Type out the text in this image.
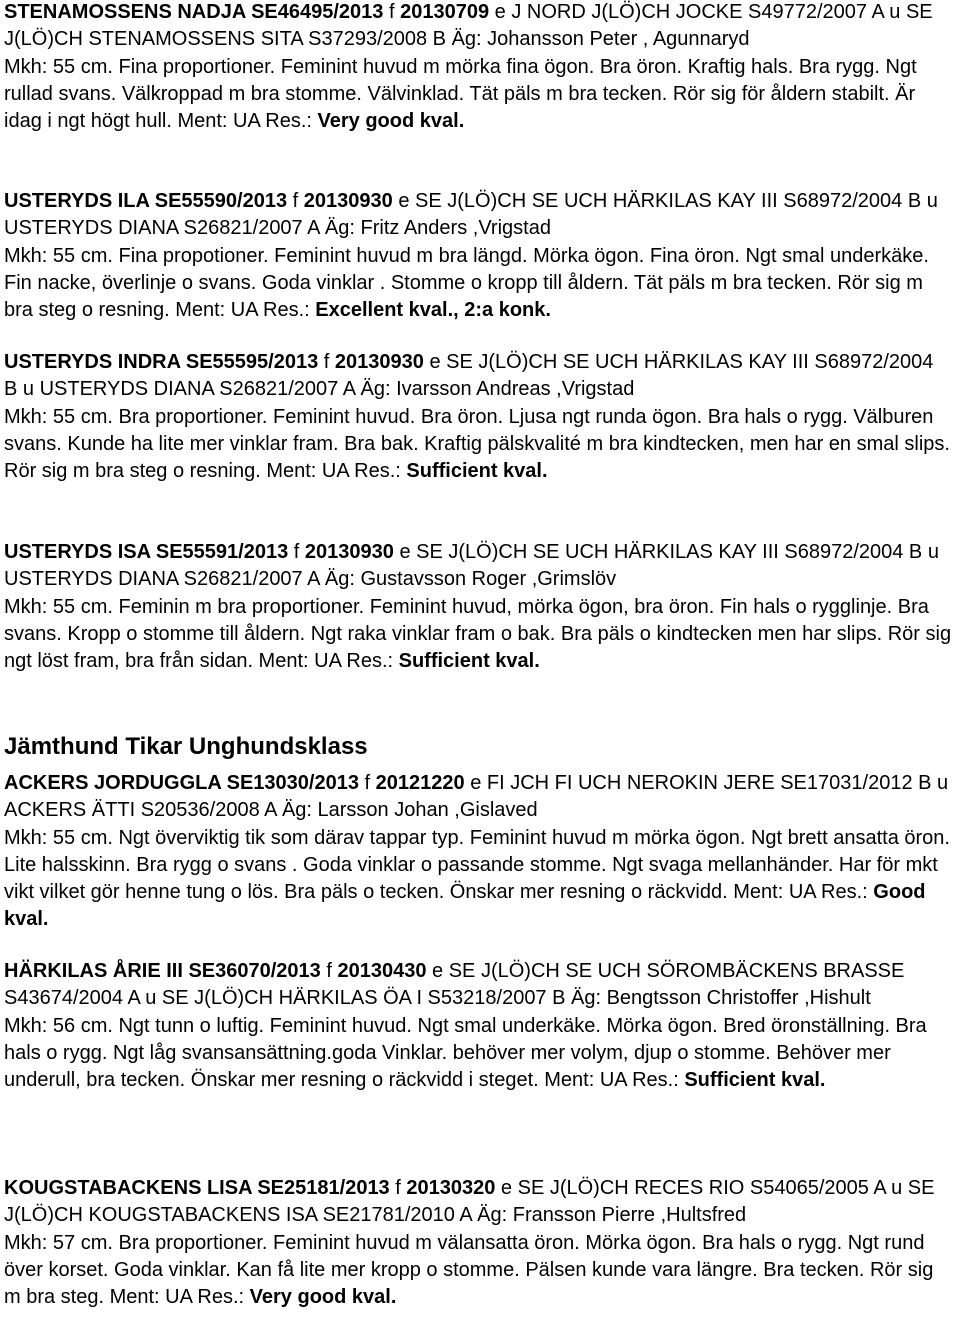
STENAMOSSENS NADJA SE46495/2013 f 20130709 e J NORD J(LÖ)CH JOCKE S49772/2007 A u SE J(LÖ)CH STENAMOSSENS SITA S37293/2008 B Äg: Johansson Peter , Agunnaryd
Mkh: 55 cm. Fina proportioner. Feminint huvud m mörka fina ögon. Bra öron. Kraftig hals. Bra rygg. Ngt rullad svans. Välkroppad m bra stomme. Välvinklad. Tät päls m bra tecken. Rör sig för åldern stabilt. Är idag i ngt högt hull. Ment: UA Res.: Very good kval.

USTERYDS ILA SE55590/2013 f 20130930 e SE J(LÖ)CH SE UCH HÄRKILAS KAY III S68972/2004 B u USTERYDS DIANA S26821/2007 A Äg: Fritz Anders ,Vrigstad
Mkh: 55 cm. Fina propotioner. Feminint huvud m bra längd. Mörka ögon. Fina öron. Ngt smal underkäke. Fin nacke, överlinje o svans. Goda vinklar . Stomme o kropp till åldern. Tät päls m bra tecken. Rör sig m bra steg o resning. Ment: UA Res.: Excellent kval., 2:a konk.

USTERYDS INDRA SE55595/2013 f 20130930 e SE J(LÖ)CH SE UCH HÄRKILAS KAY III S68972/2004 B u USTERYDS DIANA S26821/2007 A Äg: Ivarsson Andreas ,Vrigstad
Mkh: 55 cm. Bra proportioner. Feminint huvud. Bra öron. Ljusa ngt runda ögon. Bra hals o rygg. Välburen svans. Kunde ha lite mer vinklar fram. Bra bak. Kraftig pälskvalité m bra kindtecken, men har en smal slips. Rör sig m bra steg o resning. Ment: UA Res.: Sufficient kval.

USTERYDS ISA SE55591/2013 f 20130930 e SE J(LÖ)CH SE UCH HÄRKILAS KAY III S68972/2004 B u USTERYDS DIANA S26821/2007 A Äg: Gustavsson Roger ,Grimslöv
Mkh: 55 cm. Feminin m bra proportioner. Feminint huvud, mörka ögon, bra öron. Fin hals o rygglinje. Bra svans. Kropp o stomme till åldern. Ngt raka vinklar fram o bak. Bra päls o kindtecken men har slips. Rör sig ngt löst fram, bra från sidan. Ment: UA Res.: Sufficient kval.

Jämthund Tikar Unghundsklass

ACKERS JORDUGGLA SE13030/2013 f 20121220 e FI JCH FI UCH NEROKIN JERE SE17031/2012 B u ACKERS ÄTTI S20536/2008 A Äg: Larsson Johan ,Gislaved
Mkh: 55 cm. Ngt överviktig tik som därav tappar typ. Feminint huvud m mörka ögon. Ngt brett ansatta öron. Lite halsskinn. Bra rygg o svans . Goda vinklar o passande stomme. Ngt svaga mellanhänder. Har för mkt vikt vilket gör henne tung o lös. Bra päls o tecken. Önskar mer resning o räckvidd. Ment: UA Res.: Good kval.

HÄRKILAS ÅRIE III SE36070/2013 f 20130430 e SE J(LÖ)CH SE UCH SÖROMBÄCKENS BRASSE S43674/2004 A u SE J(LÖ)CH HÄRKILAS ÖA I S53218/2007 B Äg: Bengtsson Christoffer ,Hishult
Mkh: 56 cm. Ngt tunn o luftig. Feminint huvud. Ngt smal underkäke. Mörka ögon. Bred öronställning. Bra hals o rygg. Ngt låg svansansättning.goda Vinklar. behöver mer volym, djup o stomme. Behöver mer underull, bra tecken. Önskar mer resning o räckvidd i steget. Ment: UA Res.: Sufficient kval.

KOUGSTABACKENS LISA SE25181/2013 f 20130320 e SE J(LÖ)CH RECES RIO S54065/2005 A u SE J(LÖ)CH KOUGSTABACKENS ISA SE21781/2010 A Äg: Fransson Pierre ,Hultsfred
Mkh: 57 cm. Bra proportioner. Feminint huvud m välansatta öron. Mörka ögon. Bra hals o rygg. Ngt rund över korset. Goda vinklar. Kan få lite mer kropp o stomme. Pälsen kunde vara längre. Bra tecken. Rör sig m bra steg. Ment: UA Res.: Very good kval.
